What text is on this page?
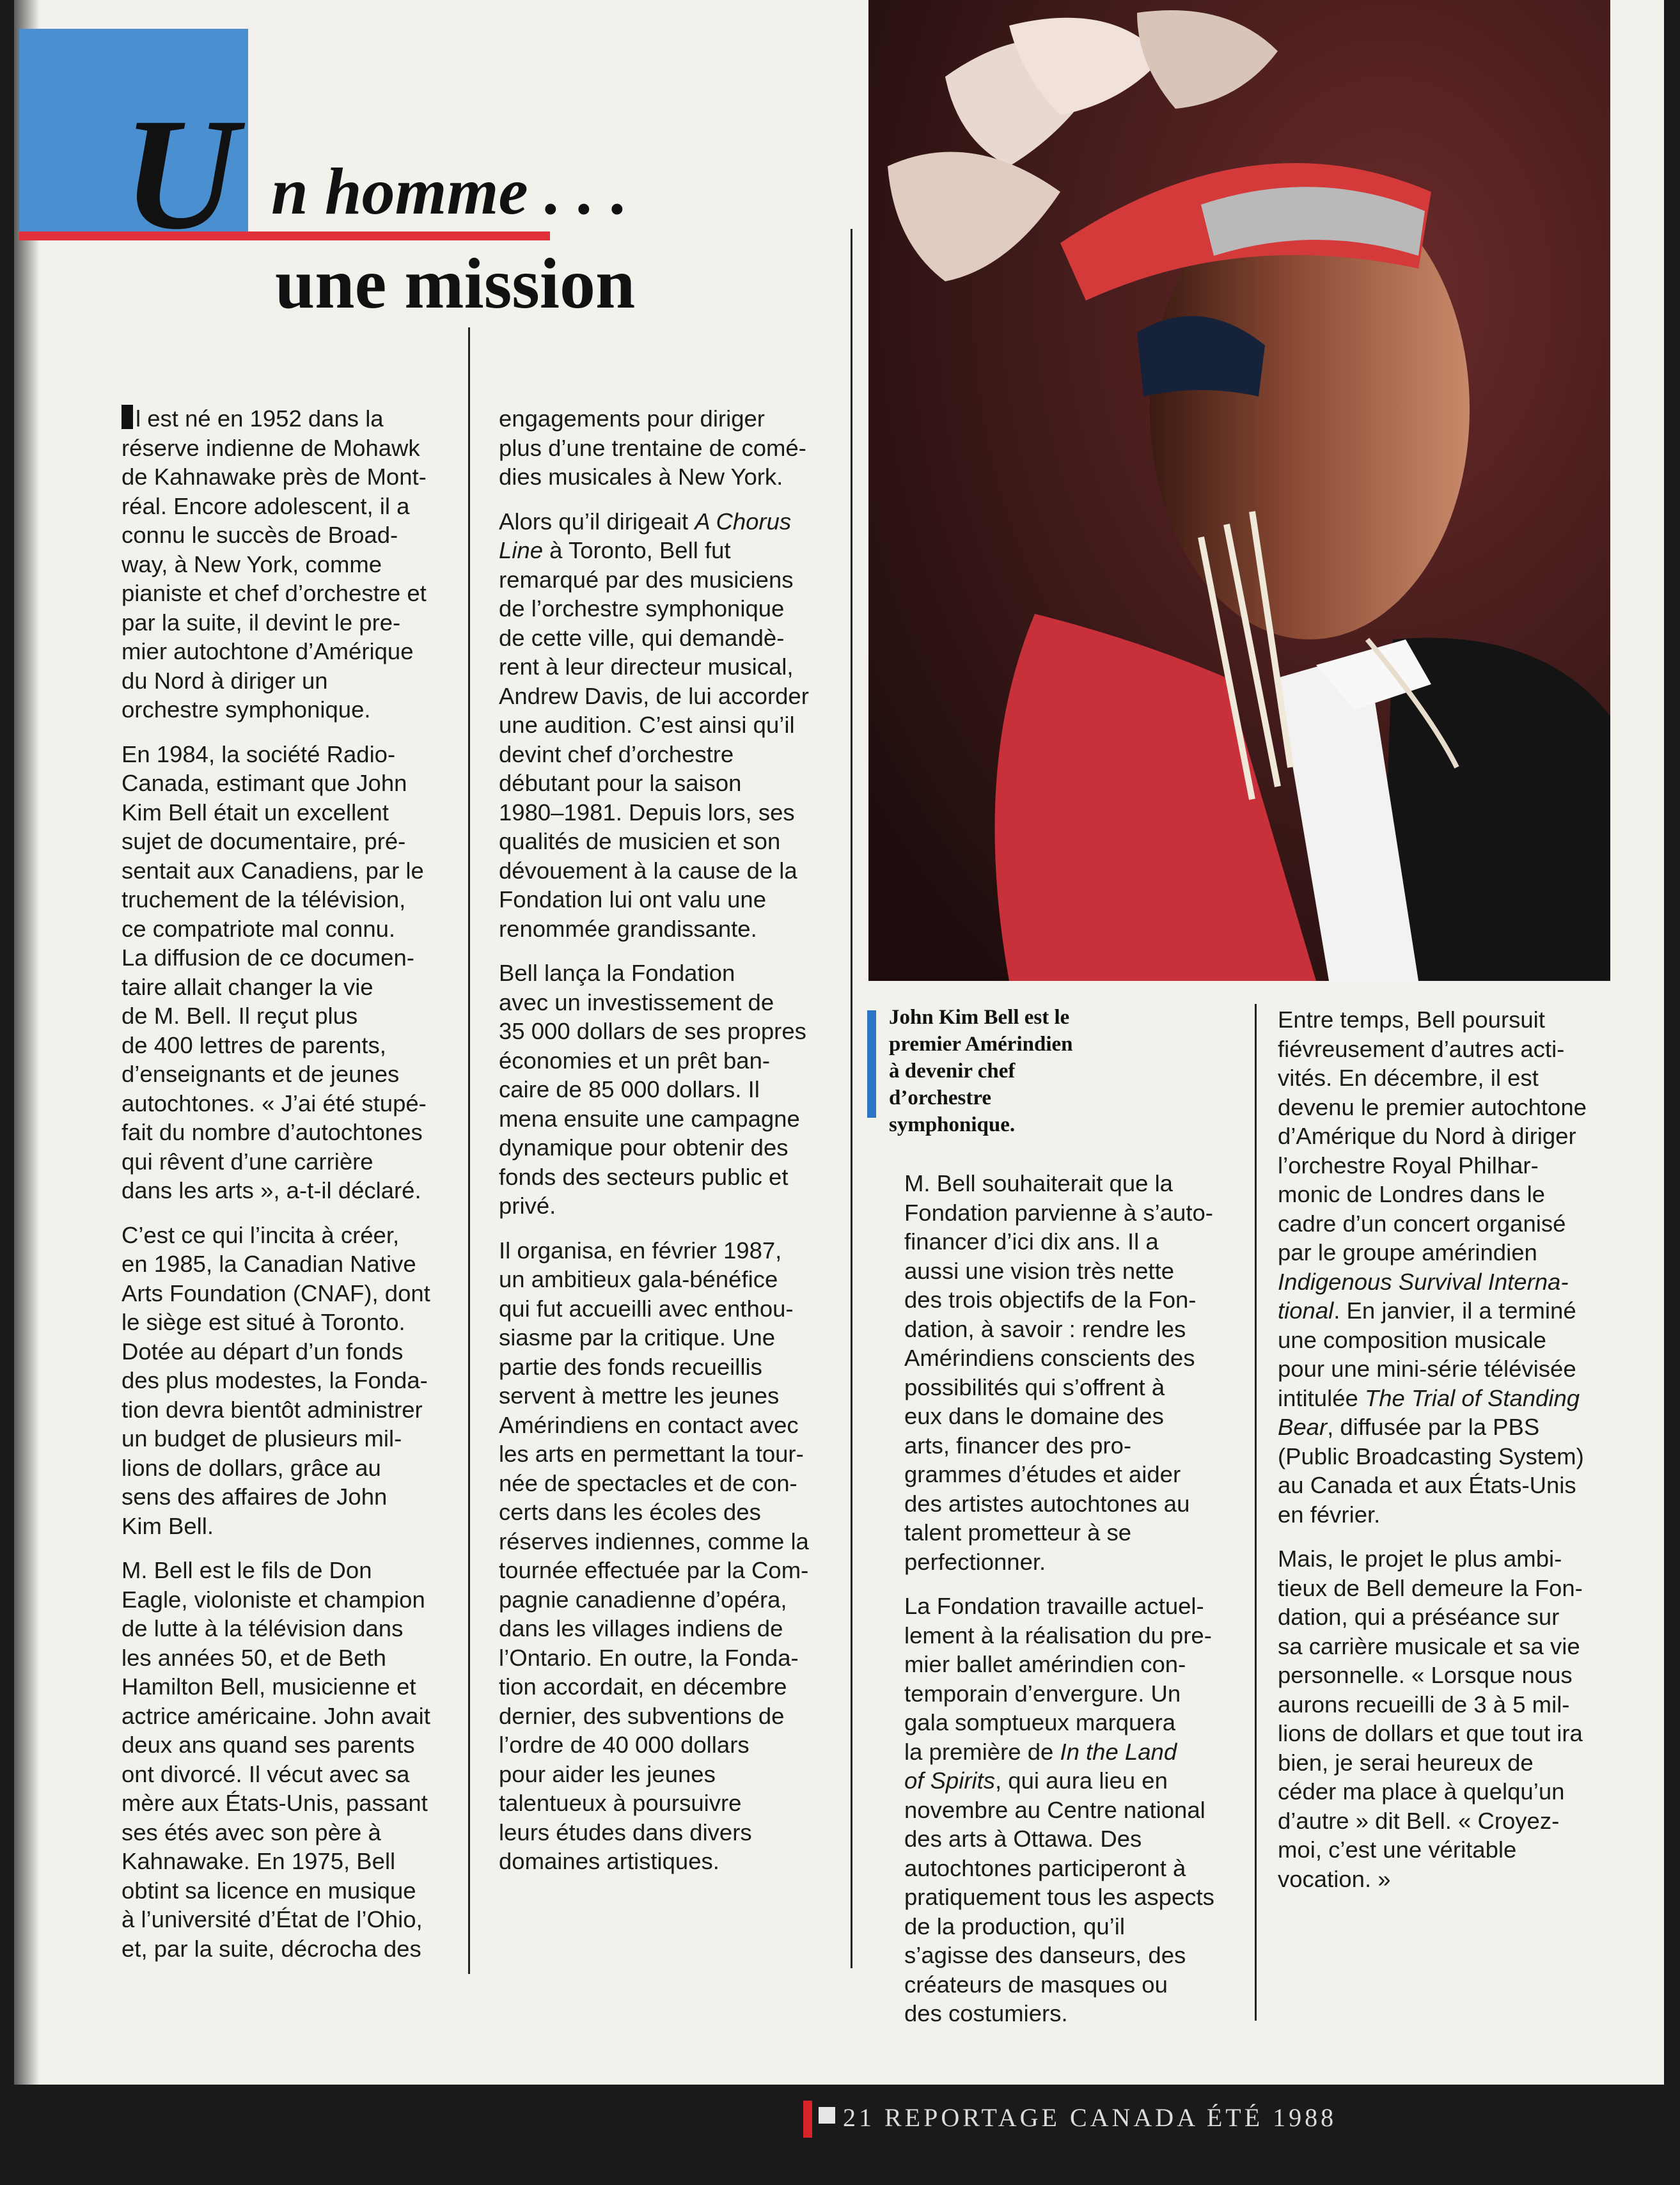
U n homme . . .
une mission

l est né en 1952 dans la
réserve indienne de Mohawk
de Kahnawake près de Mont-
réal. Encore adolescent, il a
connu le succès de Broad-
way, à New York, comme
pianiste et chef d’orchestre et
par la suite, il devint le pre-
mier autochtone d’Amérique
du Nord à diriger un
orchestre symphonique.

En 1984, la société Radio-
Canada, estimant que John
Kim Bell était un excellent
sujet de documentaire, pré-
sentait aux Canadiens, par le
truchement de la télévision,
ce compatriote mal connu.
La diffusion de ce documen-
taire allait changer la vie
de M. Bell. Il reçut plus
de 400 lettres de parents,
d’enseignants et de jeunes
autochtones. « J’ai été stupé-
fait du nombre d’autochtones
qui rêvent d’une carrière
dans les arts », a-t-il déclaré.

C’est ce qui l’incita à créer,
en 1985, la Canadian Native
Arts Foundation (CNAF), dont
le siège est situé à Toronto.
Dotée au départ d’un fonds
des plus modestes, la Fonda-
tion devra bientôt administrer
un budget de plusieurs mil-
lions de dollars, grâce au
sens des affaires de John
Kim Bell.

M. Bell est le fils de Don
Eagle, violoniste et champion
de lutte à la télévision dans
les années 50, et de Beth
Hamilton Bell, musicienne et
actrice américaine. John avait
deux ans quand ses parents
ont divorcé. Il vécut avec sa
mère aux États-Unis, passant
ses étés avec son père à
Kahnawake. En 1975, Bell
obtint sa licence en musique
à l’université d’État de l’Ohio,
et, par la suite, décrocha des

engagements pour diriger
plus d’une trentaine de comé-
dies musicales à New York.

Alors qu’il dirigeait A Chorus
Line à Toronto, Bell fut
remarqué par des musiciens
de l’orchestre symphonique
de cette ville, qui demandè-
rent à leur directeur musical,
Andrew Davis, de lui accorder
une audition. C’est ainsi qu’il
devint chef d’orchestre
débutant pour la saison
1980–1981. Depuis lors, ses
qualités de musicien et son
dévouement à la cause de la
Fondation lui ont valu une
renommée grandissante.

Bell lança la Fondation
avec un investissement de
35 000 dollars de ses propres
économies et un prêt ban-
caire de 85 000 dollars. Il
mena ensuite une campagne
dynamique pour obtenir des
fonds des secteurs public et
privé.

Il organisa, en février 1987,
un ambitieux gala-bénéfice
qui fut accueilli avec enthou-
siasme par la critique. Une
partie des fonds recueillis
servent à mettre les jeunes
Amérindiens en contact avec
les arts en permettant la tour-
née de spectacles et de con-
certs dans les écoles des
réserves indiennes, comme la
tournée effectuée par la Com-
pagnie canadienne d’opéra,
dans les villages indiens de
l’Ontario. En outre, la Fonda-
tion accordait, en décembre
dernier, des subventions de
l’ordre de 40 000 dollars
pour aider les jeunes
talentueux à poursuivre
leurs études dans divers
domaines artistiques.

John Kim Bell est le
premier Amérindien
à devenir chef
d’orchestre
symphonique.

M. Bell souhaiterait que la
Fondation parvienne à s’auto-
financer d’ici dix ans. Il a
aussi une vision très nette
des trois objectifs de la Fon-
dation, à savoir : rendre les
Amérindiens conscients des
possibilités qui s’offrent à
eux dans le domaine des
arts, financer des pro-
grammes d’études et aider
des artistes autochtones au
talent prometteur à se
perfectionner.

La Fondation travaille actuel-
lement à la réalisation du pre-
mier ballet amérindien con-
temporain d’envergure. Un
gala somptueux marquera
la première de In the Land
of Spirits, qui aura lieu en
novembre au Centre national
des arts à Ottawa. Des
autochtones participeront à
pratiquement tous les aspects
de la production, qu’il
s’agisse des danseurs, des
créateurs de masques ou
des costumiers.

Entre temps, Bell poursuit
fiévreusement d’autres acti-
vités. En décembre, il est
devenu le premier autochtone
d’Amérique du Nord à diriger
l’orchestre Royal Philhar-
monic de Londres dans le
cadre d’un concert organisé
par le groupe amérindien
Indigenous Survival Interna-
tional. En janvier, il a terminé
une composition musicale
pour une mini-série télévisée
intitulée The Trial of Standing
Bear, diffusée par la PBS
(Public Broadcasting System)
au Canada et aux États-Unis
en février.

Mais, le projet le plus ambi-
tieux de Bell demeure la Fon-
dation, qui a préséance sur
sa carrière musicale et sa vie
personnelle. « Lorsque nous
aurons recueilli de 3 à 5 mil-
lions de dollars et que tout ira
bien, je serai heureux de
céder ma place à quelqu’un
d’autre » dit Bell. « Croyez-
moi, c’est une véritable
vocation. »

21 REPORTAGE CANADA ÉTÉ 1988
